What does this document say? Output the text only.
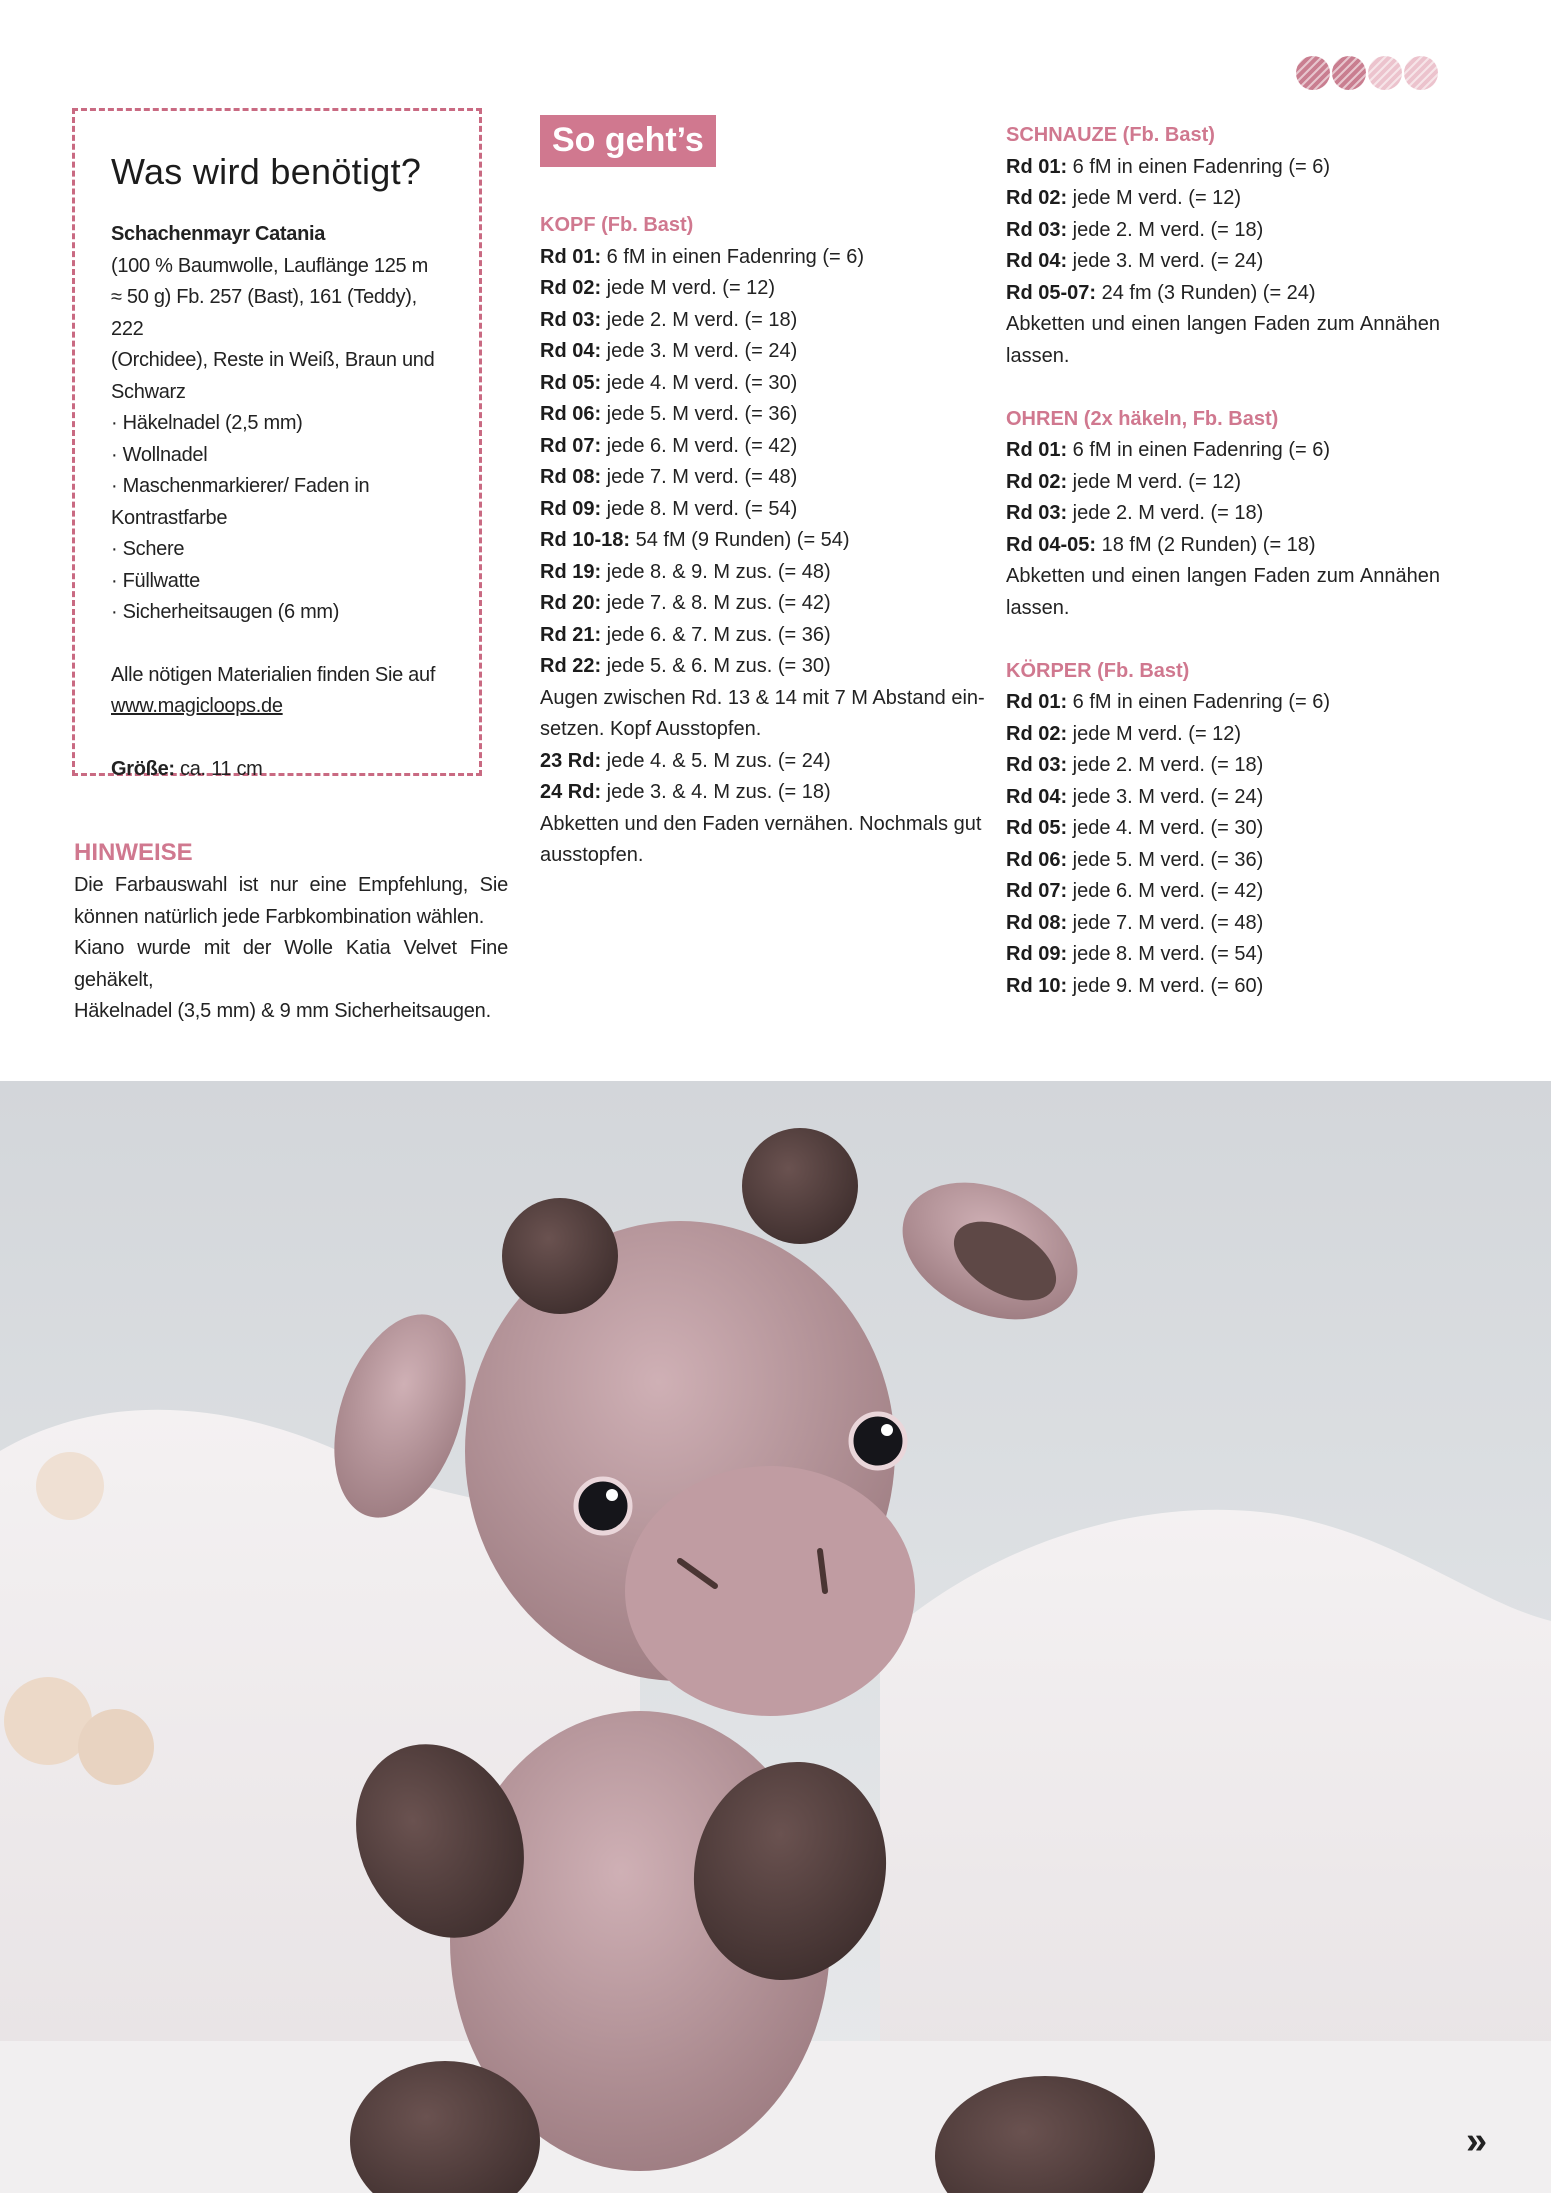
Was wird benötigt?
Schachenmayr Catania
(100 % Baumwolle, Lauflänge 125 m
≈ 50 g) Fb. 257 (Bast), 161 (Teddy), 222
(Orchidee), Reste in Weiß, Braun und
Schwarz
· Häkelnadel (2,5 mm)
· Wollnadel
· Maschenmarkierer/ Faden in
Kontrastfarbe
· Schere
· Füllwatte
· Sicherheitsaugen (6 mm)
Alle nötigen Materialien finden Sie auf
www.magicloops.de
Größe: ca. 11 cm
HINWEISE
Die Farbauswahl ist nur eine Empfehlung, Sie
können natürlich jede Farbkombination wählen.
Kiano wurde mit der Wolle Katia Velvet Fine gehäkelt,
Häkelnadel (3,5 mm) & 9 mm Sicherheitsaugen.
So geht’s
KOPF (Fb. Bast)
Rd 01: 6 fM in einen Fadenring (= 6)
Rd 02: jede M verd. (= 12)
Rd 03: jede 2. M verd. (= 18)
Rd 04: jede 3. M verd. (= 24)
Rd 05: jede 4. M verd. (= 30)
Rd 06: jede 5. M verd. (= 36)
Rd 07: jede 6. M verd. (= 42)
Rd 08: jede 7. M verd. (= 48)
Rd 09: jede 8. M verd. (= 54)
Rd 10-18: 54 fM (9 Runden) (= 54)
Rd 19: jede 8. & 9. M zus. (= 48)
Rd 20: jede 7. & 8. M zus. (= 42)
Rd 21: jede 6. & 7. M zus. (= 36)
Rd 22: jede 5. & 6. M zus. (= 30)
Augen zwischen Rd. 13 & 14 mit 7 M Abstand ein-
setzen. Kopf Ausstopfen.
23 Rd: jede 4. & 5. M zus. (= 24)
24 Rd: jede 3. & 4. M zus. (= 18)
Abketten und den Faden vernähen. Nochmals gut
ausstopfen.
SCHNAUZE (Fb. Bast)
Rd 01: 6 fM in einen Fadenring (= 6)
Rd 02: jede M verd. (= 12)
Rd 03: jede 2. M verd. (= 18)
Rd 04: jede 3. M verd. (= 24)
Rd 05-07: 24 fm (3 Runden) (= 24)
Abketten und einen langen Faden zum Annähen
lassen.
OHREN (2x häkeln, Fb. Bast)
Rd 01: 6 fM in einen Fadenring (= 6)
Rd 02: jede M verd. (= 12)
Rd 03: jede 2. M verd. (= 18)
Rd 04-05: 18 fM (2 Runden) (= 18)
Abketten und einen langen Faden zum Annähen
lassen.
KÖRPER (Fb. Bast)
Rd 01: 6 fM in einen Fadenring (= 6)
Rd 02: jede M verd. (= 12)
Rd 03: jede 2. M verd. (= 18)
Rd 04: jede 3. M verd. (= 24)
Rd 05: jede 4. M verd. (= 30)
Rd 06: jede 5. M verd. (= 36)
Rd 07: jede 6. M verd. (= 42)
Rd 08: jede 7. M verd. (= 48)
Rd 09: jede 8. M verd. (= 54)
Rd 10: jede 9. M verd. (= 60)
»
